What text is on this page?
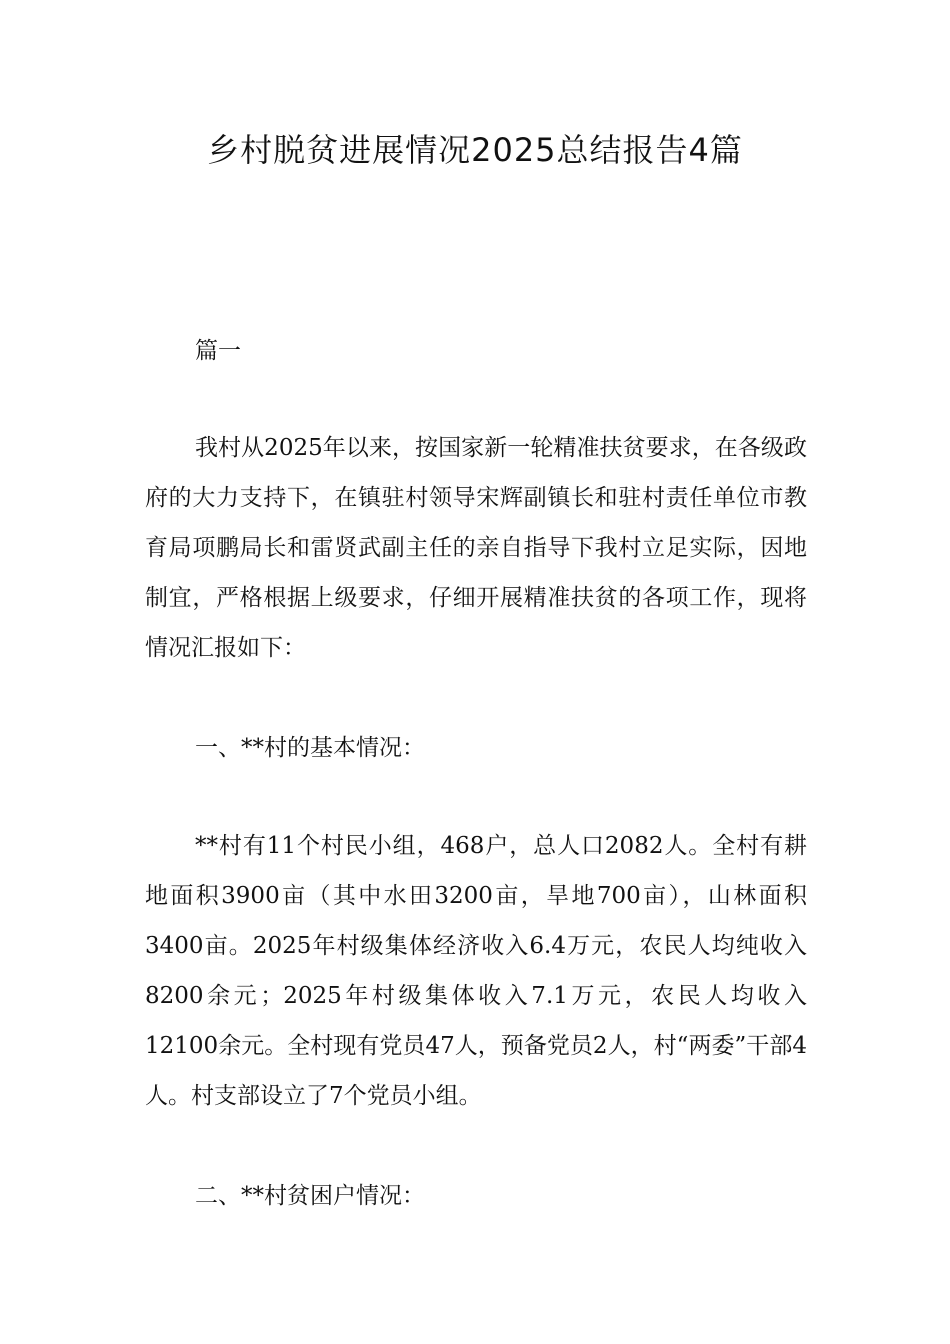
乡村脱贫进展情况2025总结报告4篇
篇一

我村从2025年以来，按国家新一轮精准扶贫要求，在各级政府的大力支持下，在镇驻村领导宋辉副镇长和驻村责任单位市教育局项鹏局长和雷贤武副主任的亲自指导下我村立足实际，因地制宜，严格根据上级要求，仔细开展精准扶贫的各项工作，现将情况汇报如下：

一、**村的基本情况：

**村有11个村民小组，468户，总人口2082人。全村有耕地面积3900亩（其中水田3200亩，旱地700亩），山林面积3400亩。2025年村级集体经济收入6.4万元，农民人均纯收入8200余元；2025年村级集体收入7.1万元，农民人均收入12100余元。全村现有党员47人，预备党员2人，村“两委”干部4人。村支部设立了7个党员小组。

二、**村贫困户情况：
